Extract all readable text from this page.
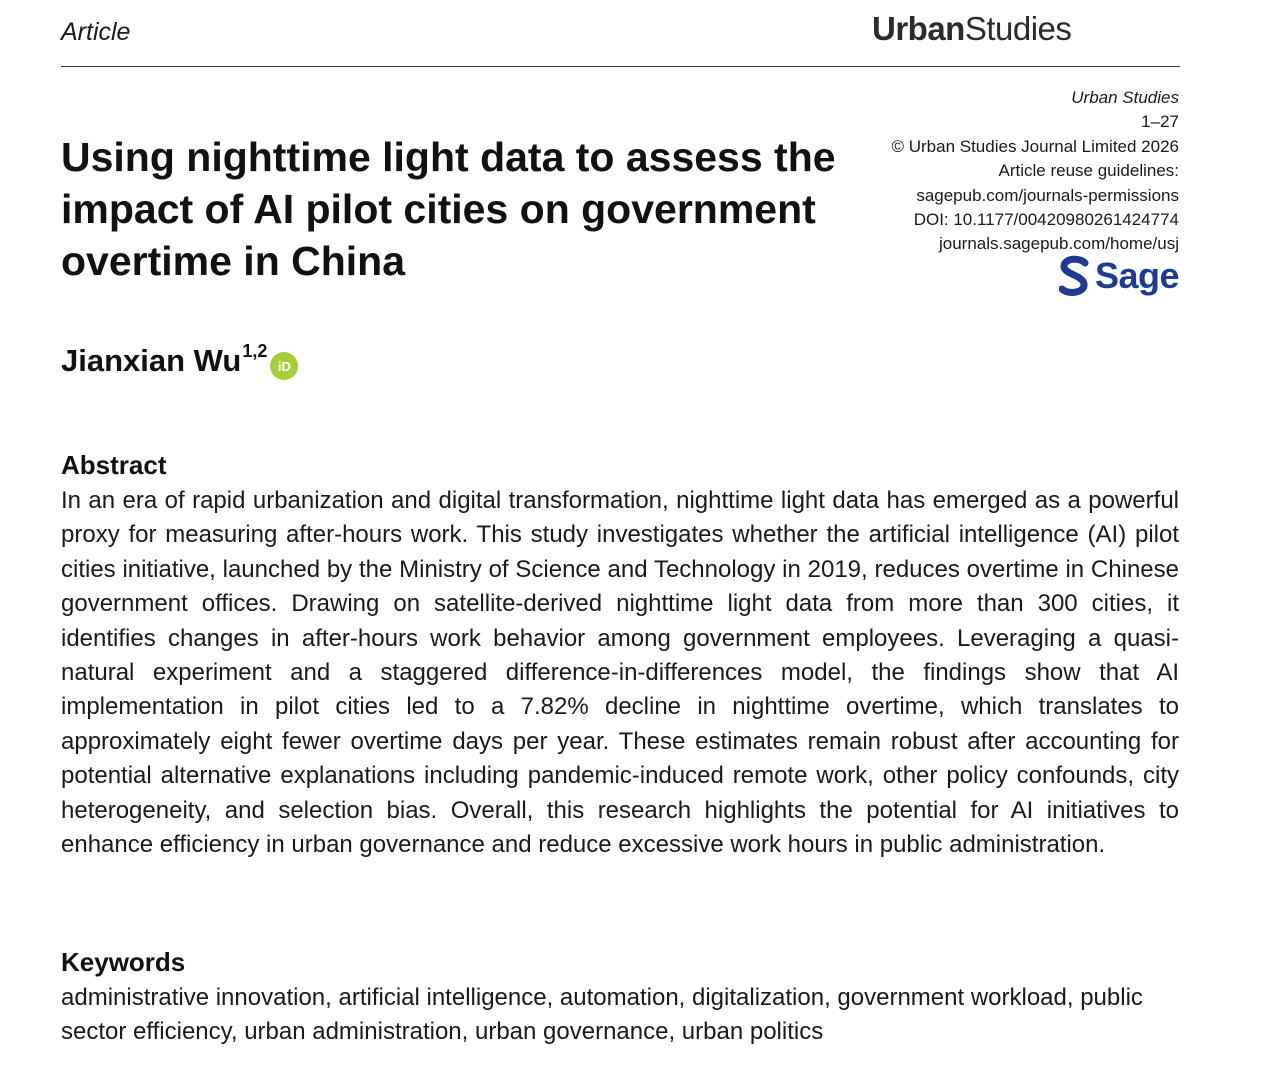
Article	UrbanStudies
Urban Studies
1–27
© Urban Studies Journal Limited 2026
Article reuse guidelines:
sagepub.com/journals-permissions
DOI: 10.1177/00420980261424774
journals.sagepub.com/home/usj
Sage
Using nighttime light data to assess the impact of AI pilot cities on government overtime in China
Jianxian Wu$^{1,2}$
iD
Abstract
In an era of rapid urbanization and digital transformation, nighttime light data has emerged as a powerful proxy for measuring after-hours work. This study investigates whether the artificial intelligence (AI) pilot cities initiative, launched by the Ministry of Science and Technology in 2019, reduces overtime in Chinese government offices. Drawing on satellite-derived nighttime light data from more than 300 cities, it identifies changes in after-hours work behavior among government employees. Leveraging a quasi-natural experiment and a staggered difference-in-differences model, the findings show that AI implementation in pilot cities led to a 7.82% decline in nighttime overtime, which translates to approximately eight fewer overtime days per year. These estimates remain robust after accounting for potential alternative explanations including pandemic-induced remote work, other policy confounds, city heterogeneity, and selection bias. Overall, this research highlights the potential for AI initiatives to enhance efficiency in urban governance and reduce excessive work hours in public administration.
Keywords
administrative innovation, artificial intelligence, automation, digitalization, government workload, public sector efficiency, urban administration, urban governance, urban politics
